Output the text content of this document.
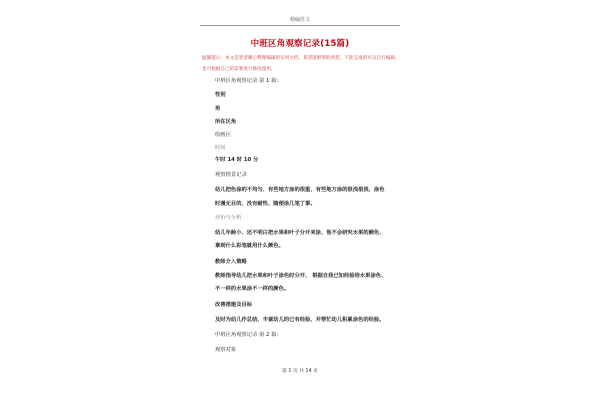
精编范文
中班区角观察记录(15篇)
温馨提示：本文是笔者精心整理编辑的实用文档，希望能够帮助到您，不能完成的可以自行编辑，也可根据自己的需要进行修改使用。
中班区角观察记录 第 1 篇:
性别
男
所在区角
绘画区
时间
午时 14 时 10 分
观察情景记录
幼儿把色涂的不均匀、有些地方涂的很重、有些地方涂的很浅很淡、涂色
时漫无目的、没有耐性、随便涂几笔了事。
评价与分析
幼儿年龄小、还不明白把水果和叶子分开来涂、他不会研究水果的颜色、
拿到什么彩笔就用什么颜色。
教师介入策略
教师指导幼儿把水果和叶子涂色时分开、 根据自我已知经验给水果涂色、
不一样的水果涂不一样的颜色。
改善措施及目标
及时为幼儿作总结、丰富幼儿的已有经验、并帮忙幼儿积累涂色的经验。
中班区角观察记录 第 2 篇:
观察对象
第 1 页 共 14 页
